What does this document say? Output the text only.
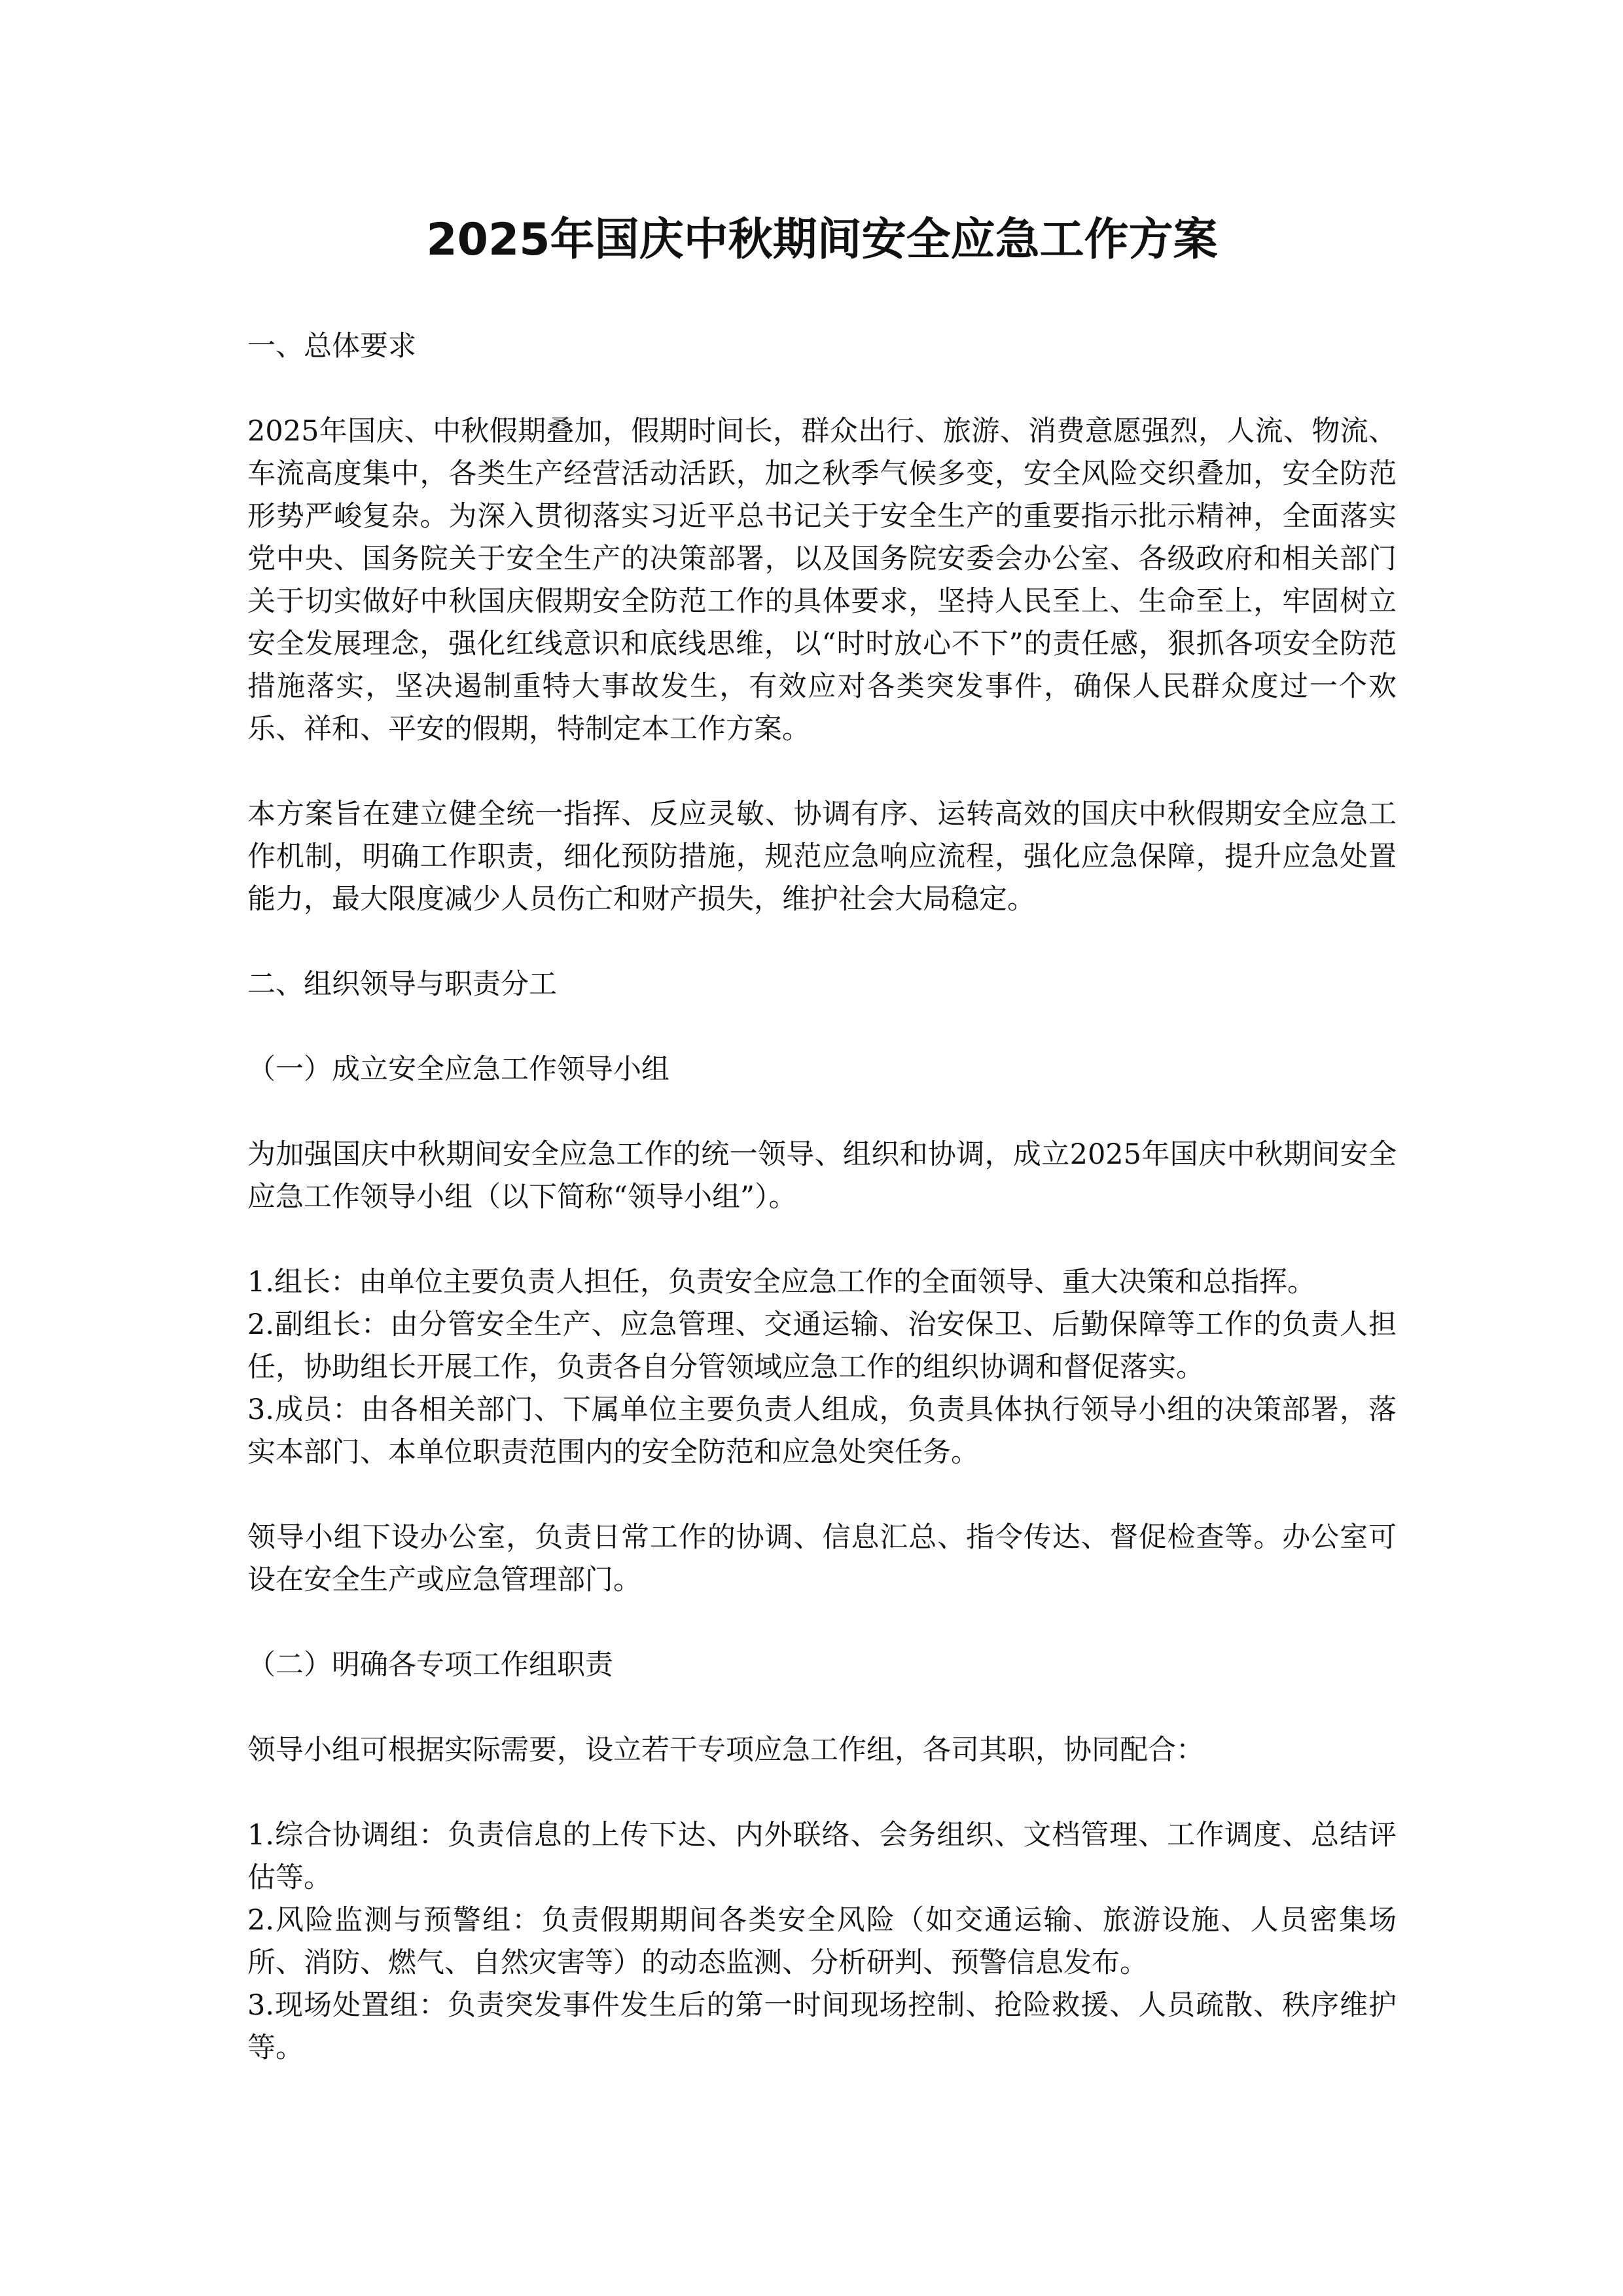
2025年国庆中秋期间安全应急工作方案
一、总体要求
2025年国庆、中秋假期叠加，假期时间长，群众出行、旅游、消费意愿强烈，人流、物流、车流高度集中，各类生产经营活动活跃，加之秋季气候多变，安全风险交织叠加，安全防范形势严峻复杂。为深入贯彻落实习近平总书记关于安全生产的重要指示批示精神，全面落实党中央、国务院关于安全生产的决策部署，以及国务院安委会办公室、各级政府和相关部门关于切实做好中秋国庆假期安全防范工作的具体要求，坚持人民至上、生命至上，牢固树立安全发展理念，强化红线意识和底线思维，以“时时放心不下”的责任感，狠抓各项安全防范措施落实，坚决遏制重特大事故发生，有效应对各类突发事件，确保人民群众度过一个欢乐、祥和、平安的假期，特制定本工作方案。
本方案旨在建立健全统一指挥、反应灵敏、协调有序、运转高效的国庆中秋假期安全应急工作机制，明确工作职责，细化预防措施，规范应急响应流程，强化应急保障，提升应急处置能力，最大限度减少人员伤亡和财产损失，维护社会大局稳定。
二、组织领导与职责分工
（一）成立安全应急工作领导小组
为加强国庆中秋期间安全应急工作的统一领导、组织和协调，成立2025年国庆中秋期间安全应急工作领导小组（以下简称“领导小组”）。
1.组长：由单位主要负责人担任，负责安全应急工作的全面领导、重大决策和总指挥。
2.副组长：由分管安全生产、应急管理、交通运输、治安保卫、后勤保障等工作的负责人担任，协助组长开展工作，负责各自分管领域应急工作的组织协调和督促落实。
3.成员：由各相关部门、下属单位主要负责人组成，负责具体执行领导小组的决策部署，落实本部门、本单位职责范围内的安全防范和应急处突任务。
领导小组下设办公室，负责日常工作的协调、信息汇总、指令传达、督促检查等。办公室可设在安全生产或应急管理部门。
（二）明确各专项工作组职责
领导小组可根据实际需要，设立若干专项应急工作组，各司其职，协同配合：
1.综合协调组：负责信息的上传下达、内外联络、会务组织、文档管理、工作调度、总结评估等。
2.风险监测与预警组：负责假期期间各类安全风险（如交通运输、旅游设施、人员密集场所、消防、燃气、自然灾害等）的动态监测、分析研判、预警信息发布。
3.现场处置组：负责突发事件发生后的第一时间现场控制、抢险救援、人员疏散、秩序维护等。
